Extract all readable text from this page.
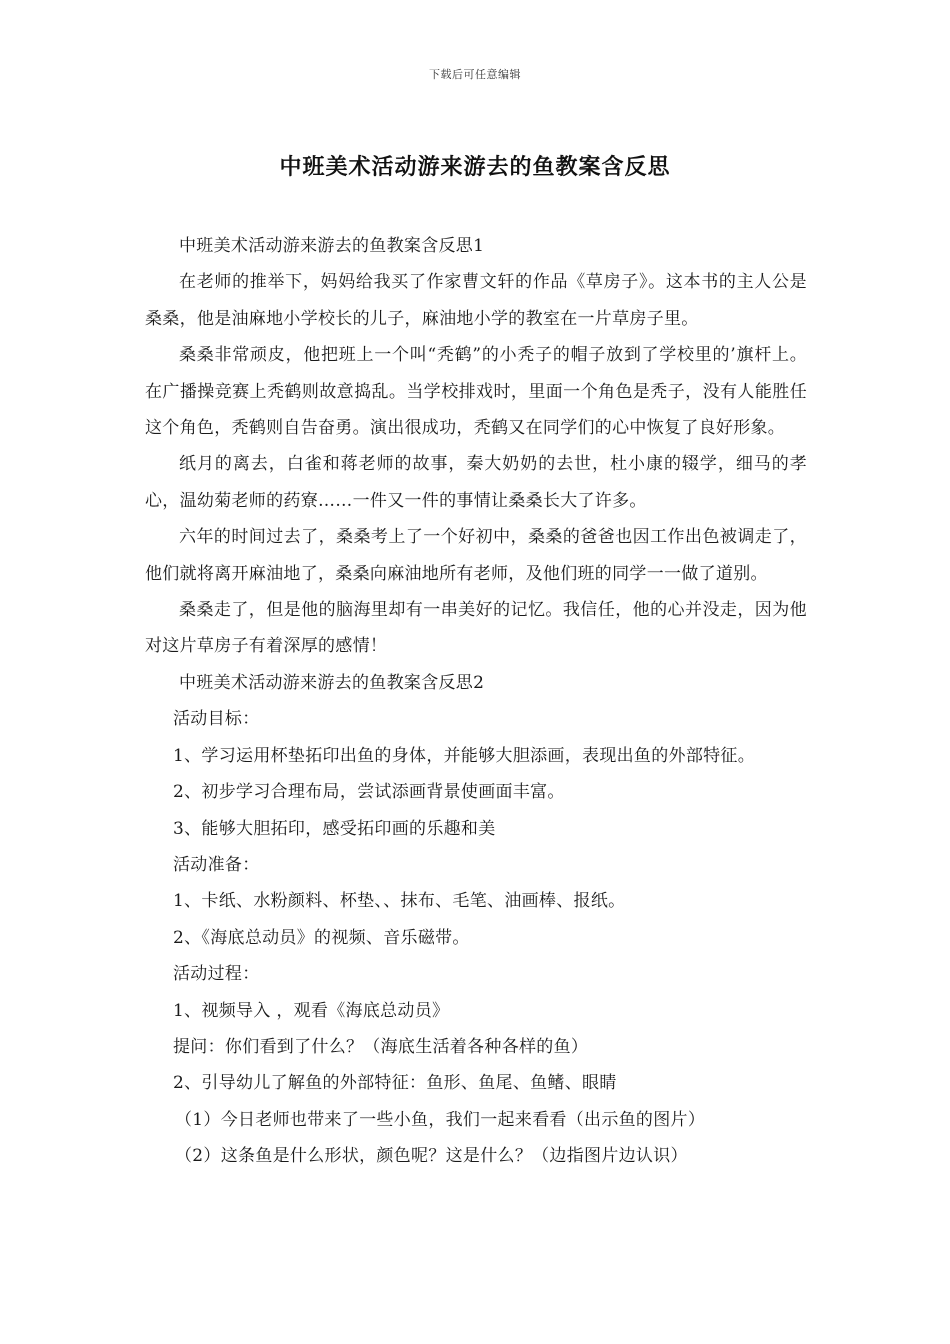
下载后可任意编辑
中班美术活动游来游去的鱼教案含反思

中班美术活动游来游去的鱼教案含反思1

在老师的推举下，妈妈给我买了作家曹文轩的作品《草房子》。这本书的主人公是桑桑，他是油麻地小学校长的儿子，麻油地小学的教室在一片草房子里。

桑桑非常顽皮，他把班上一个叫“秃鹤”的小秃子的帽子放到了学校里的’旗杆上。在广播操竞赛上秃鹤则故意捣乱。当学校排戏时，里面一个角色是秃子，没有人能胜任这个角色，秃鹤则自告奋勇。演出很成功，秃鹤又在同学们的心中恢复了良好形象。

纸月的离去，白雀和蒋老师的故事，秦大奶奶的去世，杜小康的辍学，细马的孝心，温幼菊老师的药寮……一件又一件的事情让桑桑长大了许多。

六年的时间过去了，桑桑考上了一个好初中，桑桑的爸爸也因工作出色被调走了，他们就将离开麻油地了，桑桑向麻油地所有老师，及他们班的同学一一做了道别。

桑桑走了，但是他的脑海里却有一串美好的记忆。我信任，他的心并没走，因为他对这片草房子有着深厚的感情！

中班美术活动游来游去的鱼教案含反思2

活动目标：

1、学习运用杯垫拓印出鱼的身体，并能够大胆添画，表现出鱼的外部特征。

2、初步学习合理布局，尝试添画背景使画面丰富。

3、能够大胆拓印，感受拓印画的乐趣和美

活动准备：

1、卡纸、水粉颜料、杯垫、、抹布、毛笔、油画棒、报纸。

2、《海底总动员》的视频、音乐磁带。

活动过程：

1、视频导入 ，观看《海底总动员》

提问：你们看到了什么？（海底生活着各种各样的鱼）

2、引导幼儿了解鱼的外部特征：鱼形、鱼尾、鱼鳍、眼睛

（1）今日老师也带来了一些小鱼，我们一起来看看（出示鱼的图片）

（2）这条鱼是什么形状，颜色呢？这是什么？（边指图片边认识）
